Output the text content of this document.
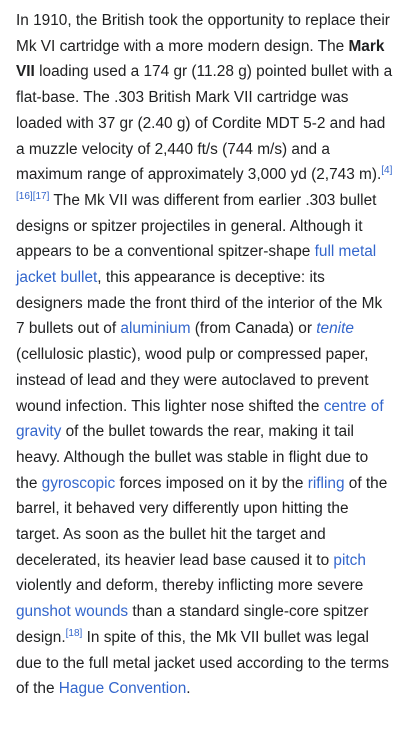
In 1910, the British took the opportunity to replace their Mk VI cartridge with a more modern design. The Mark VII loading used a 174 gr (11.28 g) pointed bullet with a flat-base. The .303 British Mark VII cartridge was loaded with 37 gr (2.40 g) of Cordite MDT 5-2 and had a muzzle velocity of 2,440 ft/s (744 m/s) and a maximum range of approximately 3,000 yd (2,743 m).[4][16][17] The Mk VII was different from earlier .303 bullet designs or spitzer projectiles in general. Although it appears to be a conventional spitzer-shape full metal jacket bullet, this appearance is deceptive: its designers made the front third of the interior of the Mk 7 bullets out of aluminium (from Canada) or tenite (cellulosic plastic), wood pulp or compressed paper, instead of lead and they were autoclaved to prevent wound infection. This lighter nose shifted the centre of gravity of the bullet towards the rear, making it tail heavy. Although the bullet was stable in flight due to the gyroscopic forces imposed on it by the rifling of the barrel, it behaved very differently upon hitting the target. As soon as the bullet hit the target and decelerated, its heavier lead base caused it to pitch violently and deform, thereby inflicting more severe gunshot wounds than a standard single-core spitzer design.[18] In spite of this, the Mk VII bullet was legal due to the full metal jacket used according to the terms of the Hague Convention.
